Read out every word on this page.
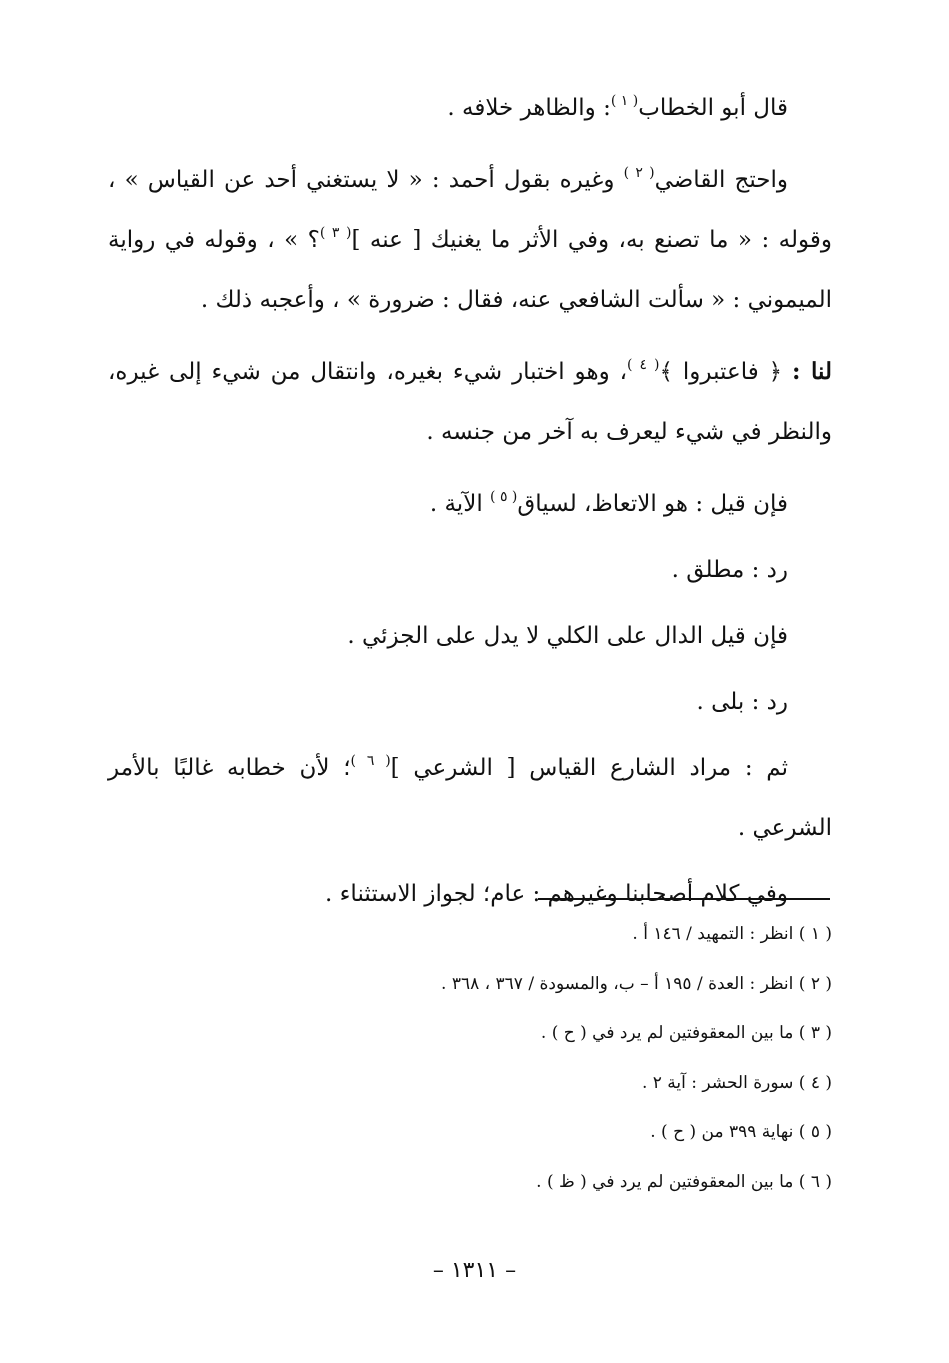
قال أبو الخطاب$^{( ١ )}$: والظاهر خلافه .

واحتج القاضي$^{( ٢ )}$ وغيره بقول أحمد : « لا يستغني أحد عن القياس » ، وقوله : « ما تصنع به، وفي الأثر ما يغنيك [ عنه ]$^{( ٣ )}$؟ » ، وقوله في رواية الميموني : « سألت الشافعي عنه، فقال : ضرورة » ، وأعجبه ذلك .

لنا : ﴿ فاعتبروا ﴾$^{( ٤ )}$، وهو اختبار شيء بغيره، وانتقال من شيء إلى غيره، والنظر في شيء ليعرف به آخر من جنسه .

فإن قيل : هو الاتعاظ، لسياق$^{( ٥ )}$ الآية .

رد : مطلق .

فإن قيل الدال على الكلي لا يدل على الجزئي .

رد : بلى .

ثم : مراد الشارع القياس [ الشرعي ]$^{( ٦ )}$؛ لأن خطابه غالبًا بالأمر الشرعي .

وفي كلام أصحابنا وغيرهم : عام؛ لجواز الاستثناء .

( ١ ) انظر : التمهيد / ١٤٦ أ .
( ٢ ) انظر : العدة / ١٩٥ أ – ب، والمسودة / ٣٦٧ ، ٣٦٨ .
( ٣ ) ما بين المعقوفتين لم يرد في ( ح ) .
( ٤ ) سورة الحشر : آية ٢ .
( ٥ ) نهاية ٣٩٩ من ( ح ) .
( ٦ ) ما بين المعقوفتين لم يرد في ( ظ ) .
– ١٣١١ –
